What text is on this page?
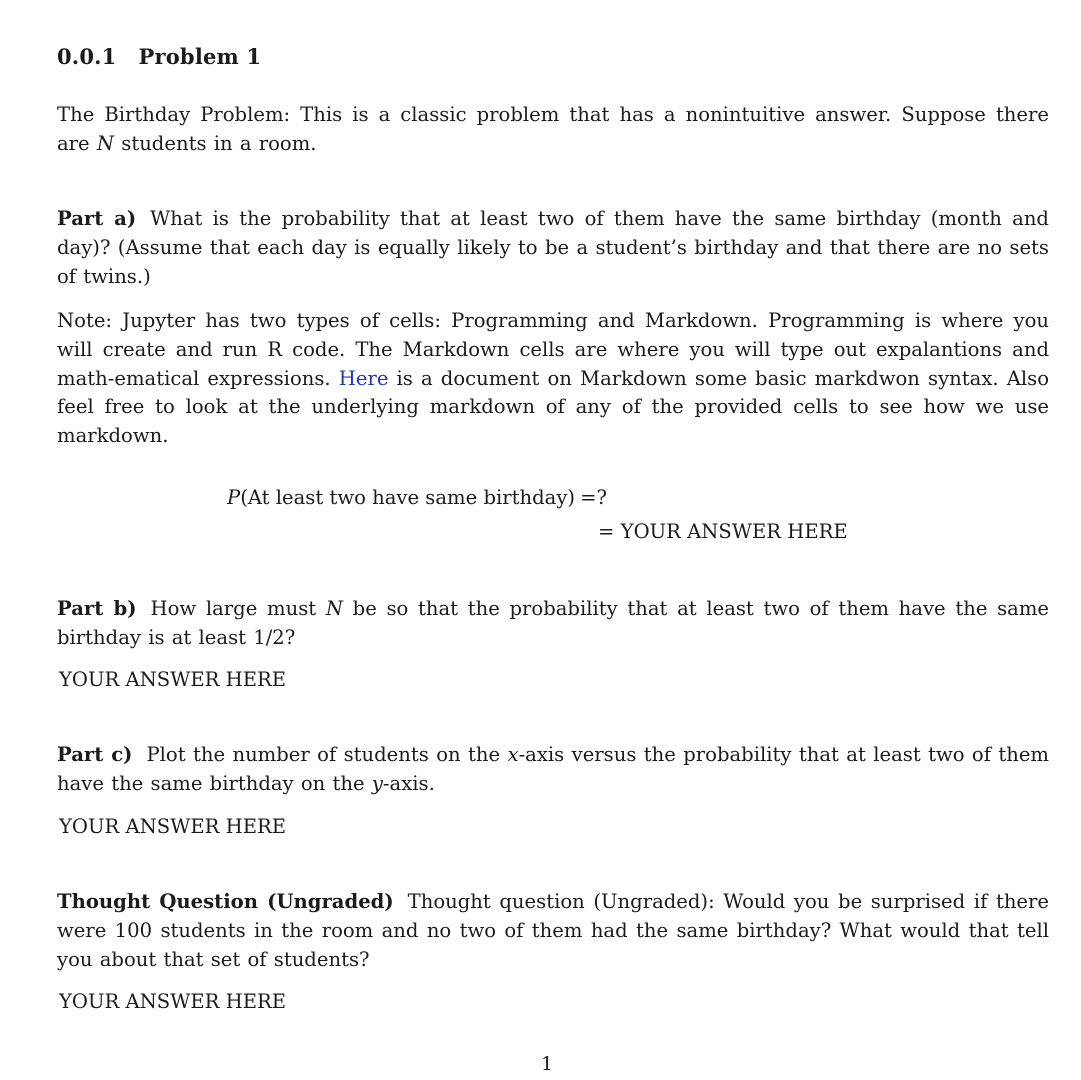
0.0.1 Problem 1
The Birthday Problem: This is a classic problem that has a nonintuitive answer. Suppose there are N students in a room.
Part a) What is the probability that at least two of them have the same birthday (month and day)? (Assume that each day is equally likely to be a student’s birthday and that there are no sets of twins.)
Note: Jupyter has two types of cells: Programming and Markdown. Programming is where you will create and run R code. The Markdown cells are where you will type out expalantions and math-ematical expressions. Here is a document on Markdown some basic markdwon syntax. Also feel free to look at the underlying markdown of any of the provided cells to see how we use markdown.
P(At least two have same birthday) =?
= YOUR ANSWER HERE
Part b) How large must N be so that the probability that at least two of them have the same birthday is at least 1/2?
YOUR ANSWER HERE
Part c) Plot the number of students on the x-axis versus the probability that at least two of them have the same birthday on the y-axis.
YOUR ANSWER HERE
Thought Question (Ungraded) Thought question (Ungraded): Would you be surprised if there were 100 students in the room and no two of them had the same birthday? What would that tell you about that set of students?
YOUR ANSWER HERE
1
